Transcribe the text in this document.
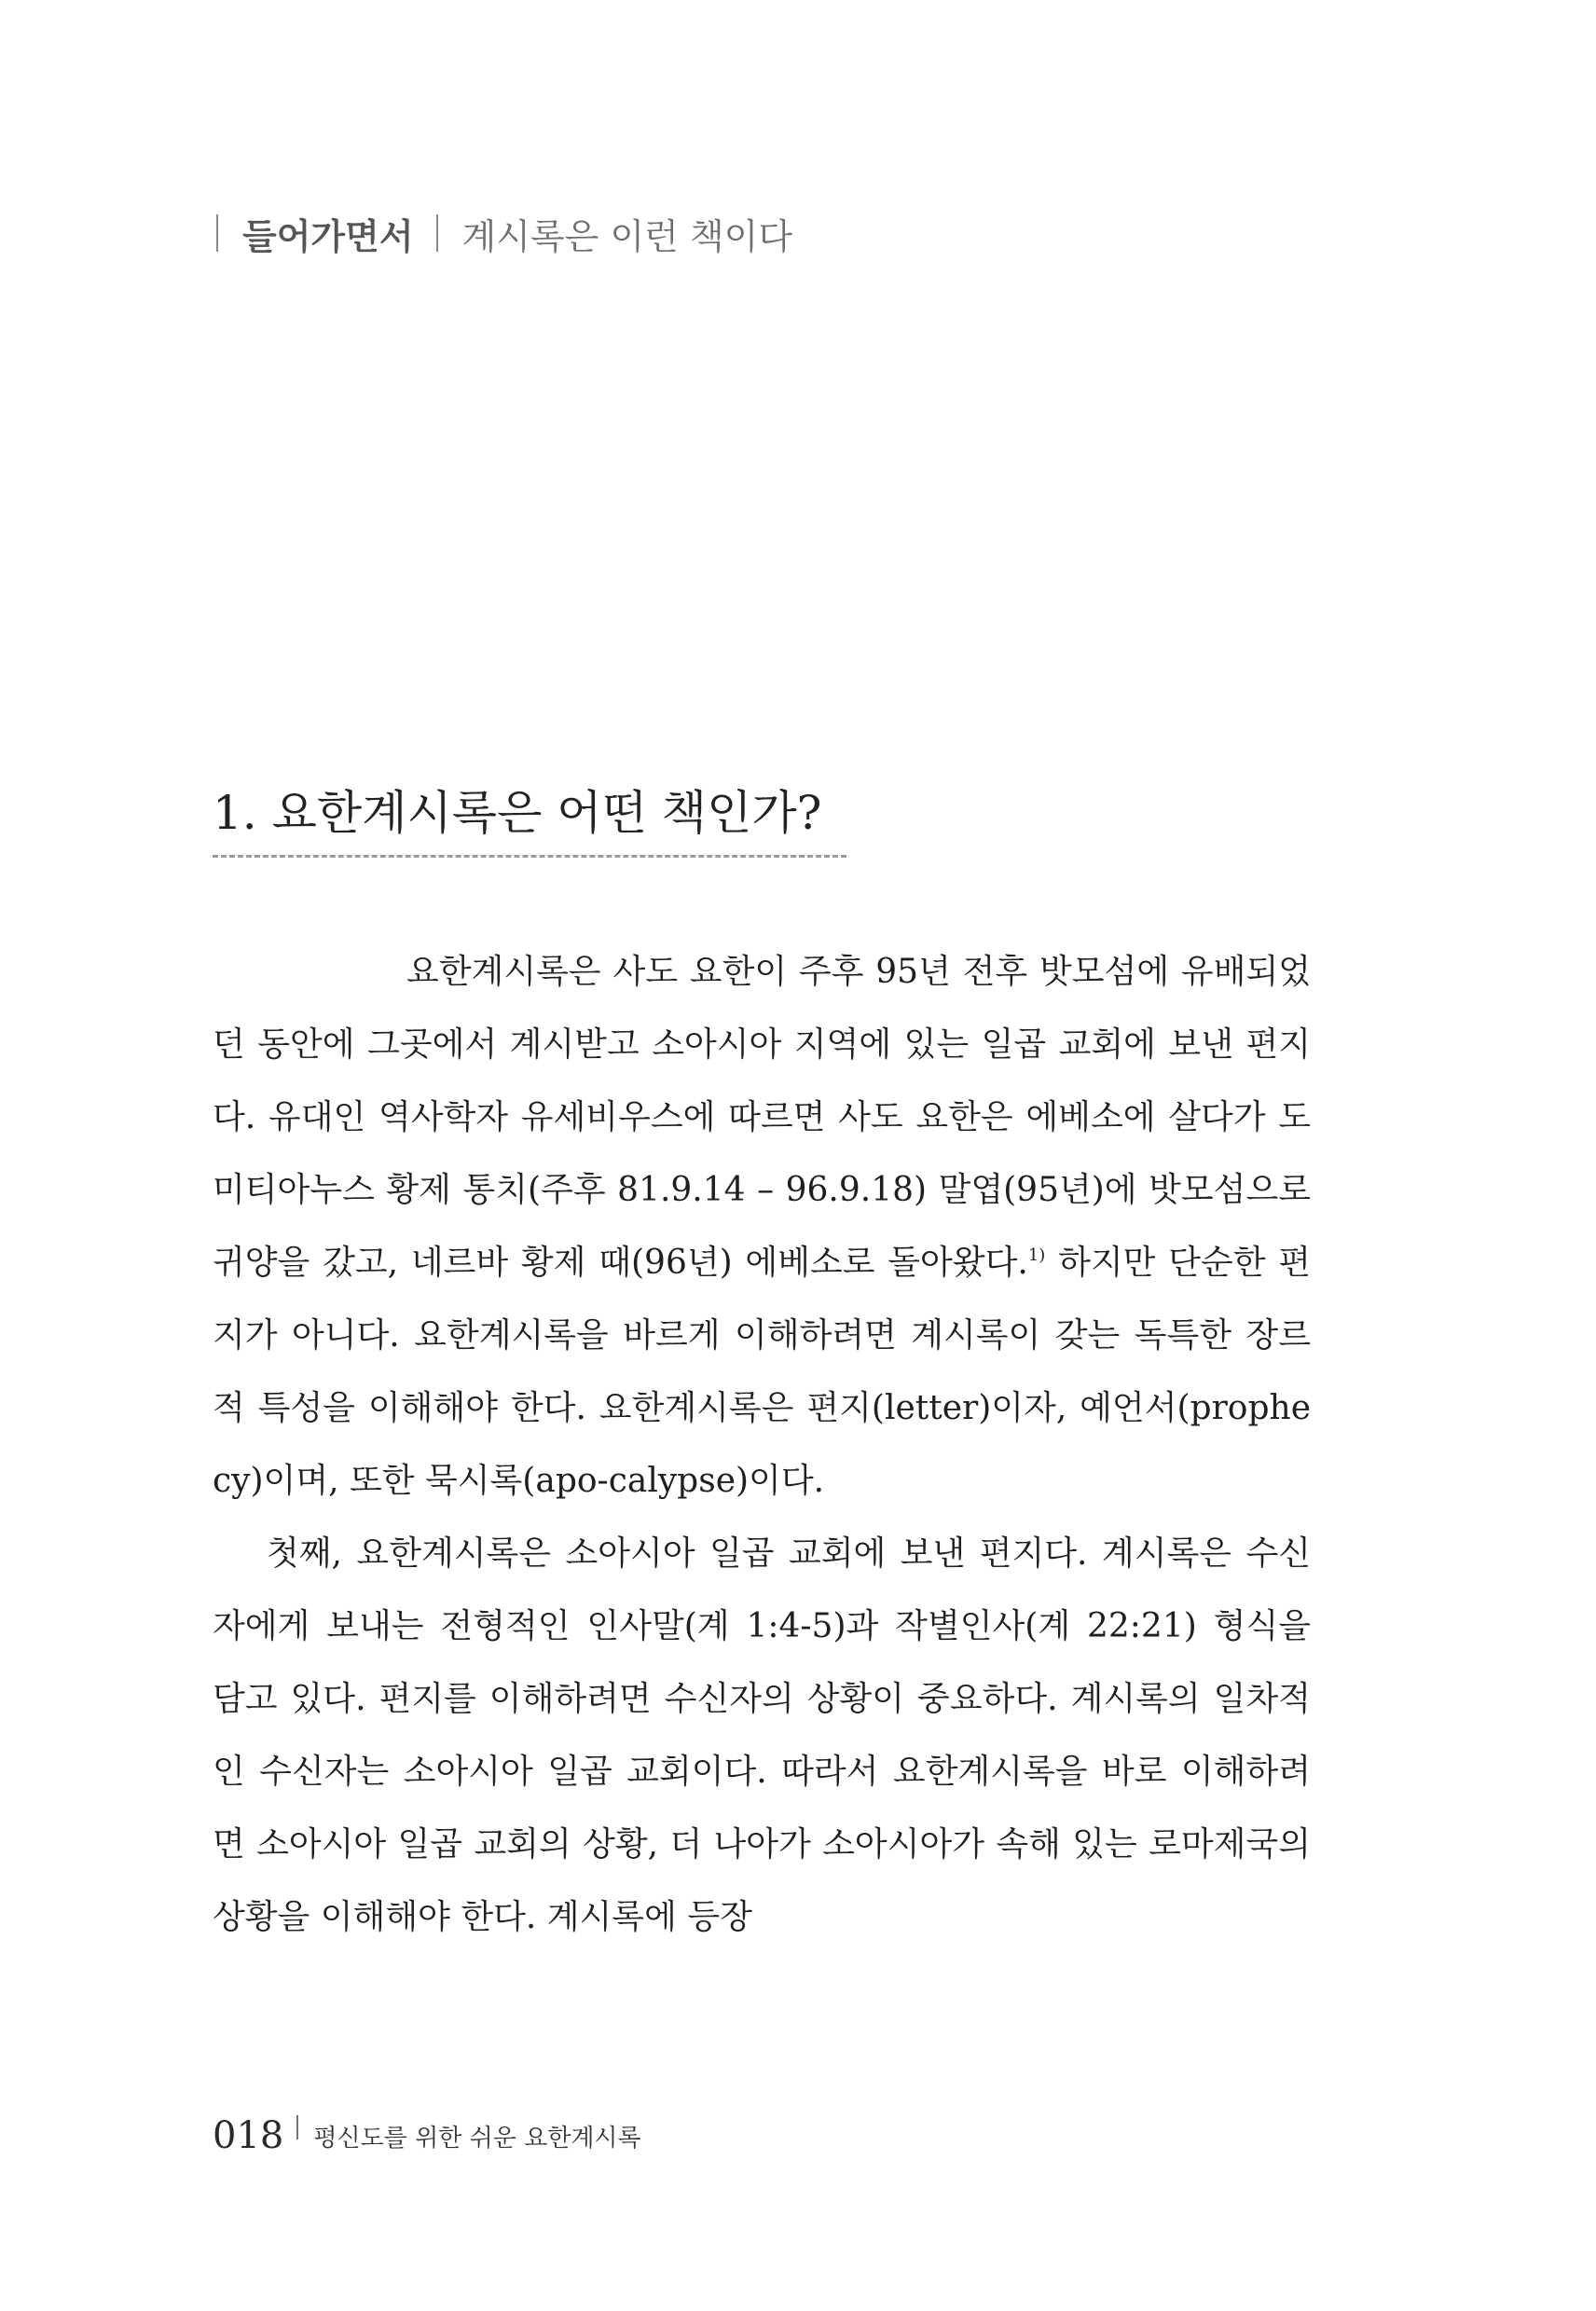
들어가면서 계시록은 이런 책이다
1. 요한계시록은 어떤 책인가?

요한계시록은 사도 요한이 주후 95년 전후 밧모섬에 유배되었던 동안에 그곳에서 계시받고 소아시아 지역에 있는 일곱 교회에 보낸 편지다. 유대인 역사학자 유세비우스에 따르면 사도 요한은 에베소에 살다가 도미티아누스 황제 통치(주후 81.9.14 – 96.9.18) 말엽(95년)에 밧모섬으로 귀양을 갔고, 네르바 황제 때(96년) 에베소로 돌아왔다.$^{1)}$ 하지만 단순한 편지가 아니다. 요한계시록을 바르게 이해하려면 계시록이 갖는 독특한 장르적 특성을 이해해야 한다. 요한계시록은 편지(letter)이자, 예언서(prophecy)이며, 또한 묵시록(apo-calypse)이다.

첫째, 요한계시록은 소아시아 일곱 교회에 보낸 편지다. 계시록은 수신자에게 보내는 전형적인 인사말(계 1:4-5)과 작별인사(계 22:21) 형식을 담고 있다. 편지를 이해하려면 수신자의 상황이 중요하다. 계시록의 일차적인 수신자는 소아시아 일곱 교회이다. 따라서 요한계시록을 바로 이해하려면 소아시아 일곱 교회의 상황, 더 나아가 소아시아가 속해 있는 로마제국의 상황을 이해해야 한다. 계시록에 등장

018 평신도를 위한 쉬운 요한계시록
